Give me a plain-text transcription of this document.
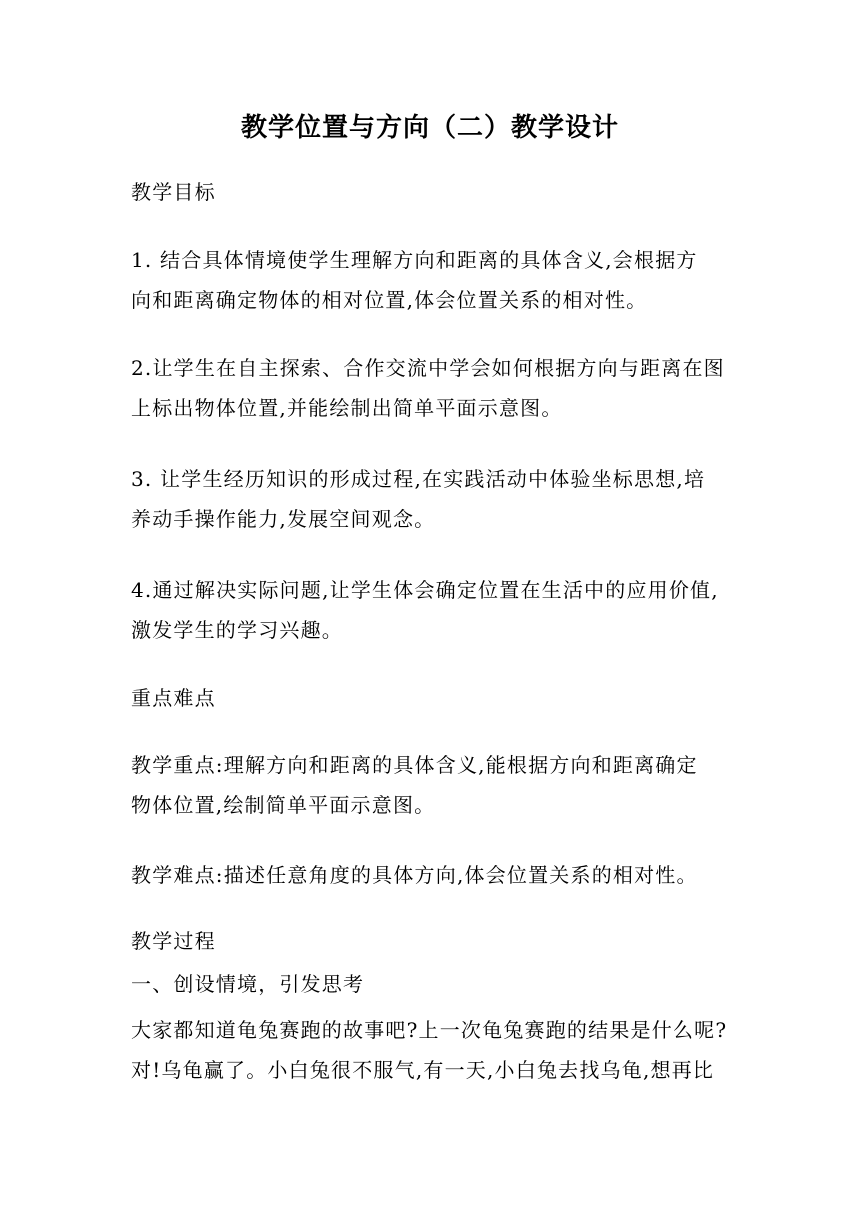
教学位置与方向（二）教学设计

教学目标

1. 结合具体情境使学生理解方向和距离的具体含义,会根据方
向和距离确定物体的相对位置,体会位置关系的相对性。

2.让学生在自主探索、合作交流中学会如何根据方向与距离在图
上标出物体位置,并能绘制出简单平面示意图。

3. 让学生经历知识的形成过程,在实践活动中体验坐标思想,培
养动手操作能力,发展空间观念。

4.通过解决实际问题,让学生体会确定位置在生活中的应用价值,
激发学生的学习兴趣。

重点难点

教学重点:理解方向和距离的具体含义,能根据方向和距离确定
物体位置,绘制简单平面示意图。

教学难点:描述任意角度的具体方向,体会位置关系的相对性。

教学过程

一、创设情境，引发思考

大家都知道龟兔赛跑的故事吧?上一次龟兔赛跑的结果是什么呢?
对!乌龟赢了。小白兔很不服气,有一天,小白兔去找乌龟,想再比
